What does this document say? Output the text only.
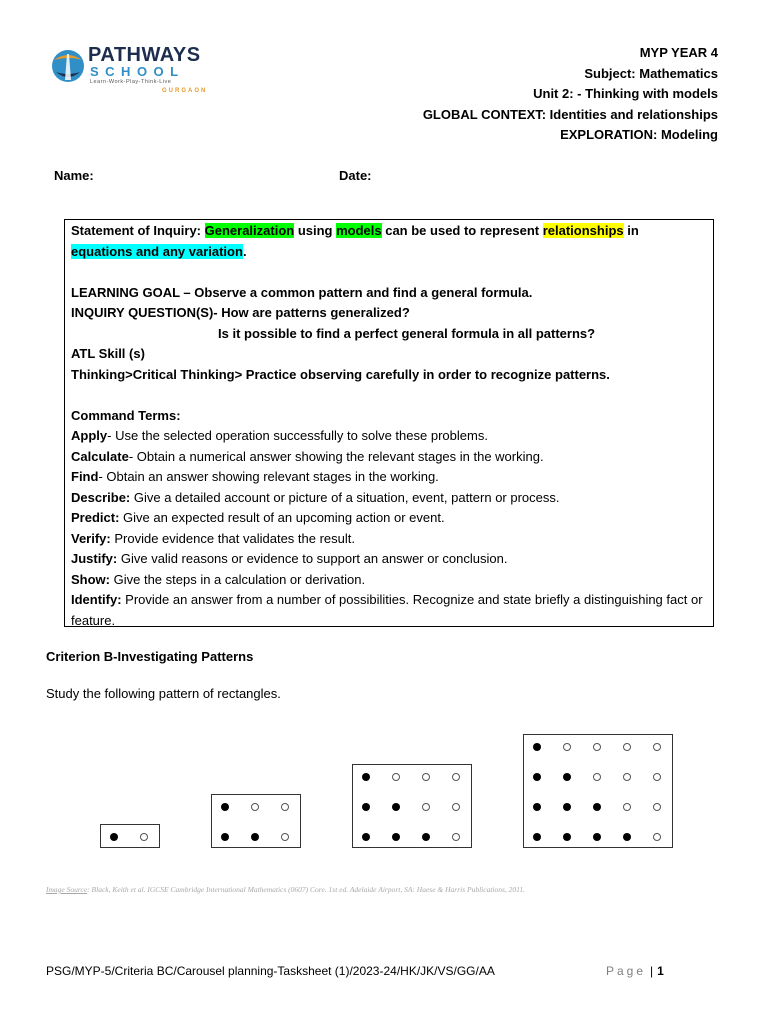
PATHWAYS
SCHOOL
Learn-Work-Play-Think-Live
GURGAON
MYP YEAR 4
Subject: Mathematics
Unit 2: - Thinking with models
GLOBAL CONTEXT: Identities and relationships
EXPLORATION: Modeling
Name:	Date:

Statement of Inquiry: Generalization using models can be used to represent relationships in

equations and any variation.

LEARNING GOAL – Observe a common pattern and find a general formula.

INQUIRY QUESTION(S)- How are patterns generalized?

Is it possible to find a perfect general formula in all patterns?

ATL Skill (s)

Thinking>Critical Thinking> Practice observing carefully in order to recognize patterns.

Command Terms:

Apply- Use the selected operation successfully to solve these problems.

Calculate- Obtain a numerical answer showing the relevant stages in the working.

Find- Obtain an answer showing relevant stages in the working.

Describe: Give a detailed account or picture of a situation, event, pattern or process.

Predict: Give an expected result of an upcoming action or event.

Verify: Provide evidence that validates the result.

Justify: Give valid reasons or evidence to support an answer or conclusion.

Show: Give the steps in a calculation or derivation.

Identify: Provide an answer from a number of possibilities. Recognize and state briefly a distinguishing fact or feature.

Criterion B-Investigating Patterns
Study the following pattern of rectangles.
Image Source: Black, Keith et al. IGCSE Cambridge International Mathematics (0607) Core. 1st ed. Adelaide Airport, SA: Haese & Harris Publications, 2011.
PSG/MYP-5/Criteria BC/Carousel planning-Tasksheet (1)/2023-24/HK/JK/VS/GG/AA	Page | 1
